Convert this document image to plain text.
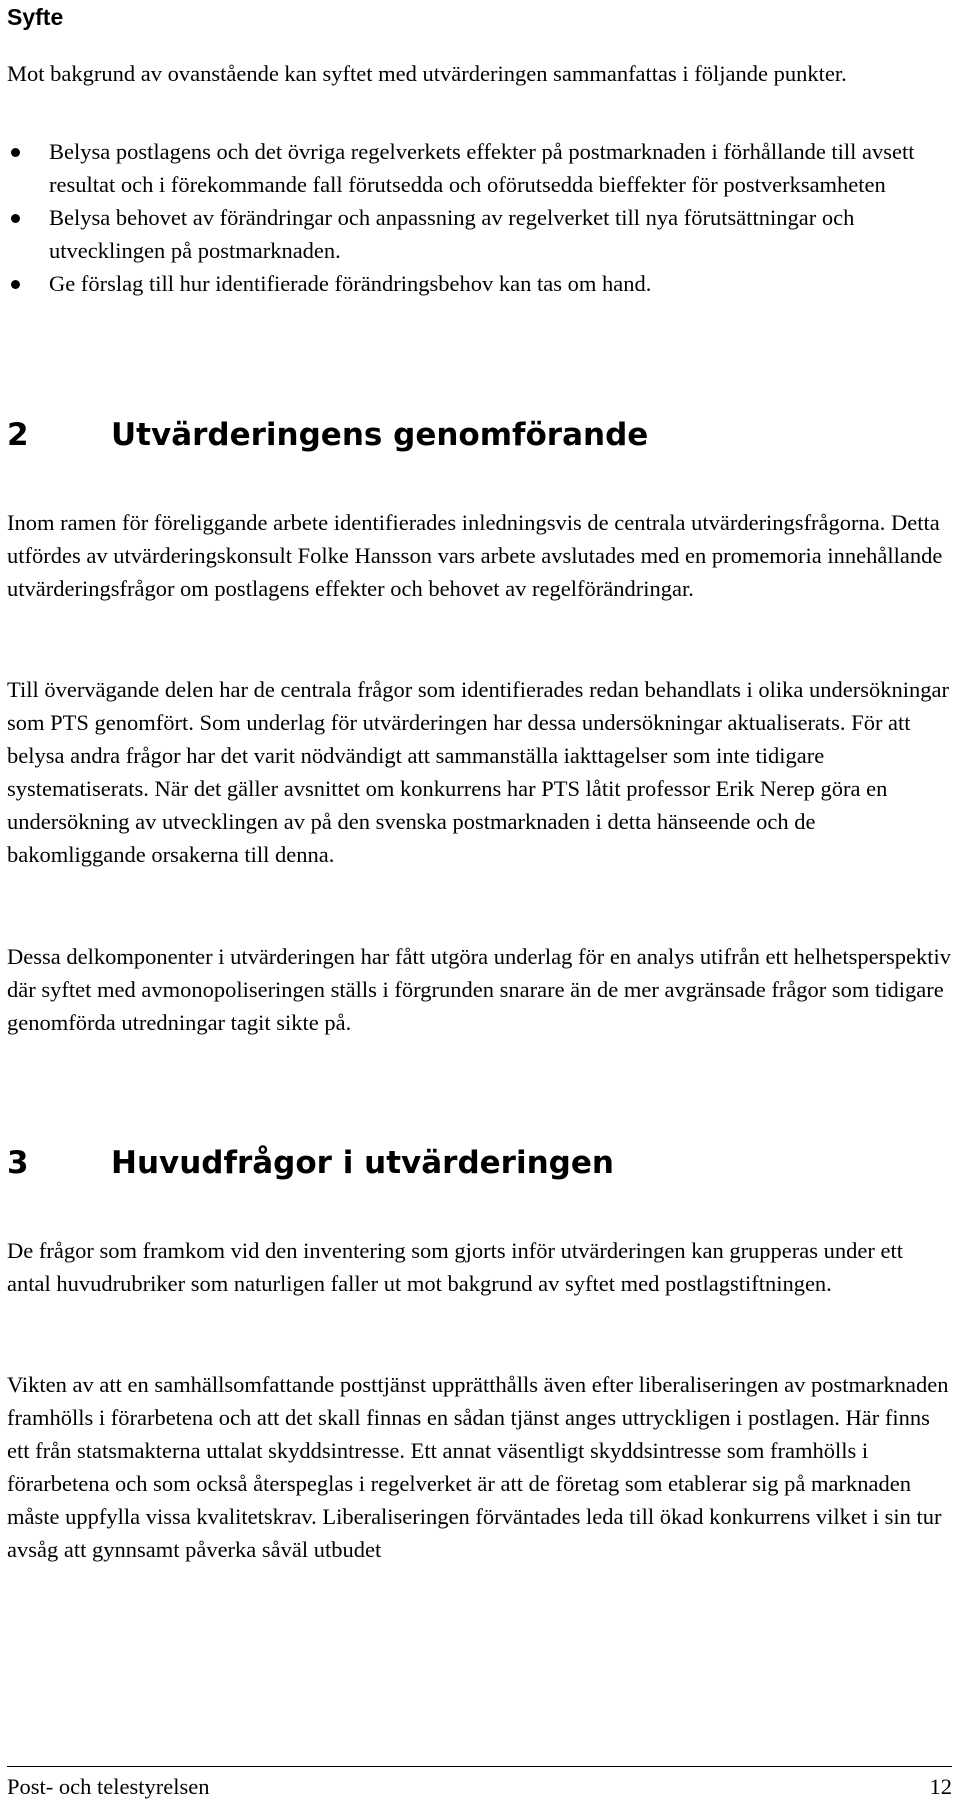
Syfte

Mot bakgrund av ovanstående kan syftet med utvärderingen sammanfattas i följande punkter.

Belysa postlagens och det övriga regelverkets effekter på postmarknaden i förhållande till avsett resultat och i förekommande fall förutsedda och oförutsedda bieffekter för postverksamheten
Belysa behovet av förändringar och anpassning av regelverket till nya förutsättningar och utvecklingen på postmarknaden.
Ge förslag till hur identifierade förändringsbehov kan tas om hand.
2	Utvärderingens genomförande

Inom ramen för föreliggande arbete identifierades inledningsvis de centrala utvärderingsfrågorna. Detta utfördes av utvärderingskonsult Folke Hansson vars arbete avslutades med en promemoria innehållande utvärderingsfrågor om postlagens effekter och behovet av regelförändringar.

Till övervägande delen har de centrala frågor som identifierades redan behandlats i olika undersökningar som PTS genomfört. Som underlag för utvärderingen har dessa undersökningar aktualiserats. För att belysa andra frågor har det varit nödvändigt att sammanställa iakttagelser som inte tidigare systematiserats. När det gäller avsnittet om konkurrens har PTS låtit professor Erik Nerep göra en undersökning av utvecklingen av på den svenska postmarknaden i detta hänseende och de bakomliggande orsakerna till denna.

Dessa delkomponenter i utvärderingen har fått utgöra underlag för en analys utifrån ett helhetsperspektiv där syftet med avmonopoliseringen ställs i förgrunden snarare än de mer avgränsade frågor som tidigare genomförda utredningar tagit sikte på.

3	Huvudfrågor i utvärderingen

De frågor som framkom vid den inventering som gjorts inför utvärderingen kan grupperas under ett antal huvudrubriker som naturligen faller ut mot bakgrund av syftet med postlagstiftningen.

Vikten av att en samhällsomfattande posttjänst upprätthålls även efter liberaliseringen av postmarknaden framhölls i förarbetena och att det skall finnas en sådan tjänst anges uttryckligen i postlagen. Här finns ett från statsmakterna uttalat skyddsintresse. Ett annat väsentligt skyddsintresse som framhölls i förarbetena och som också återspeglas i regelverket är att de företag som etablerar sig på marknaden måste uppfylla vissa kvalitetskrav. Liberaliseringen förväntades leda till ökad konkurrens vilket i sin tur avsåg att gynnsamt påverka såväl utbudet

Post- och telestyrelsen	12
